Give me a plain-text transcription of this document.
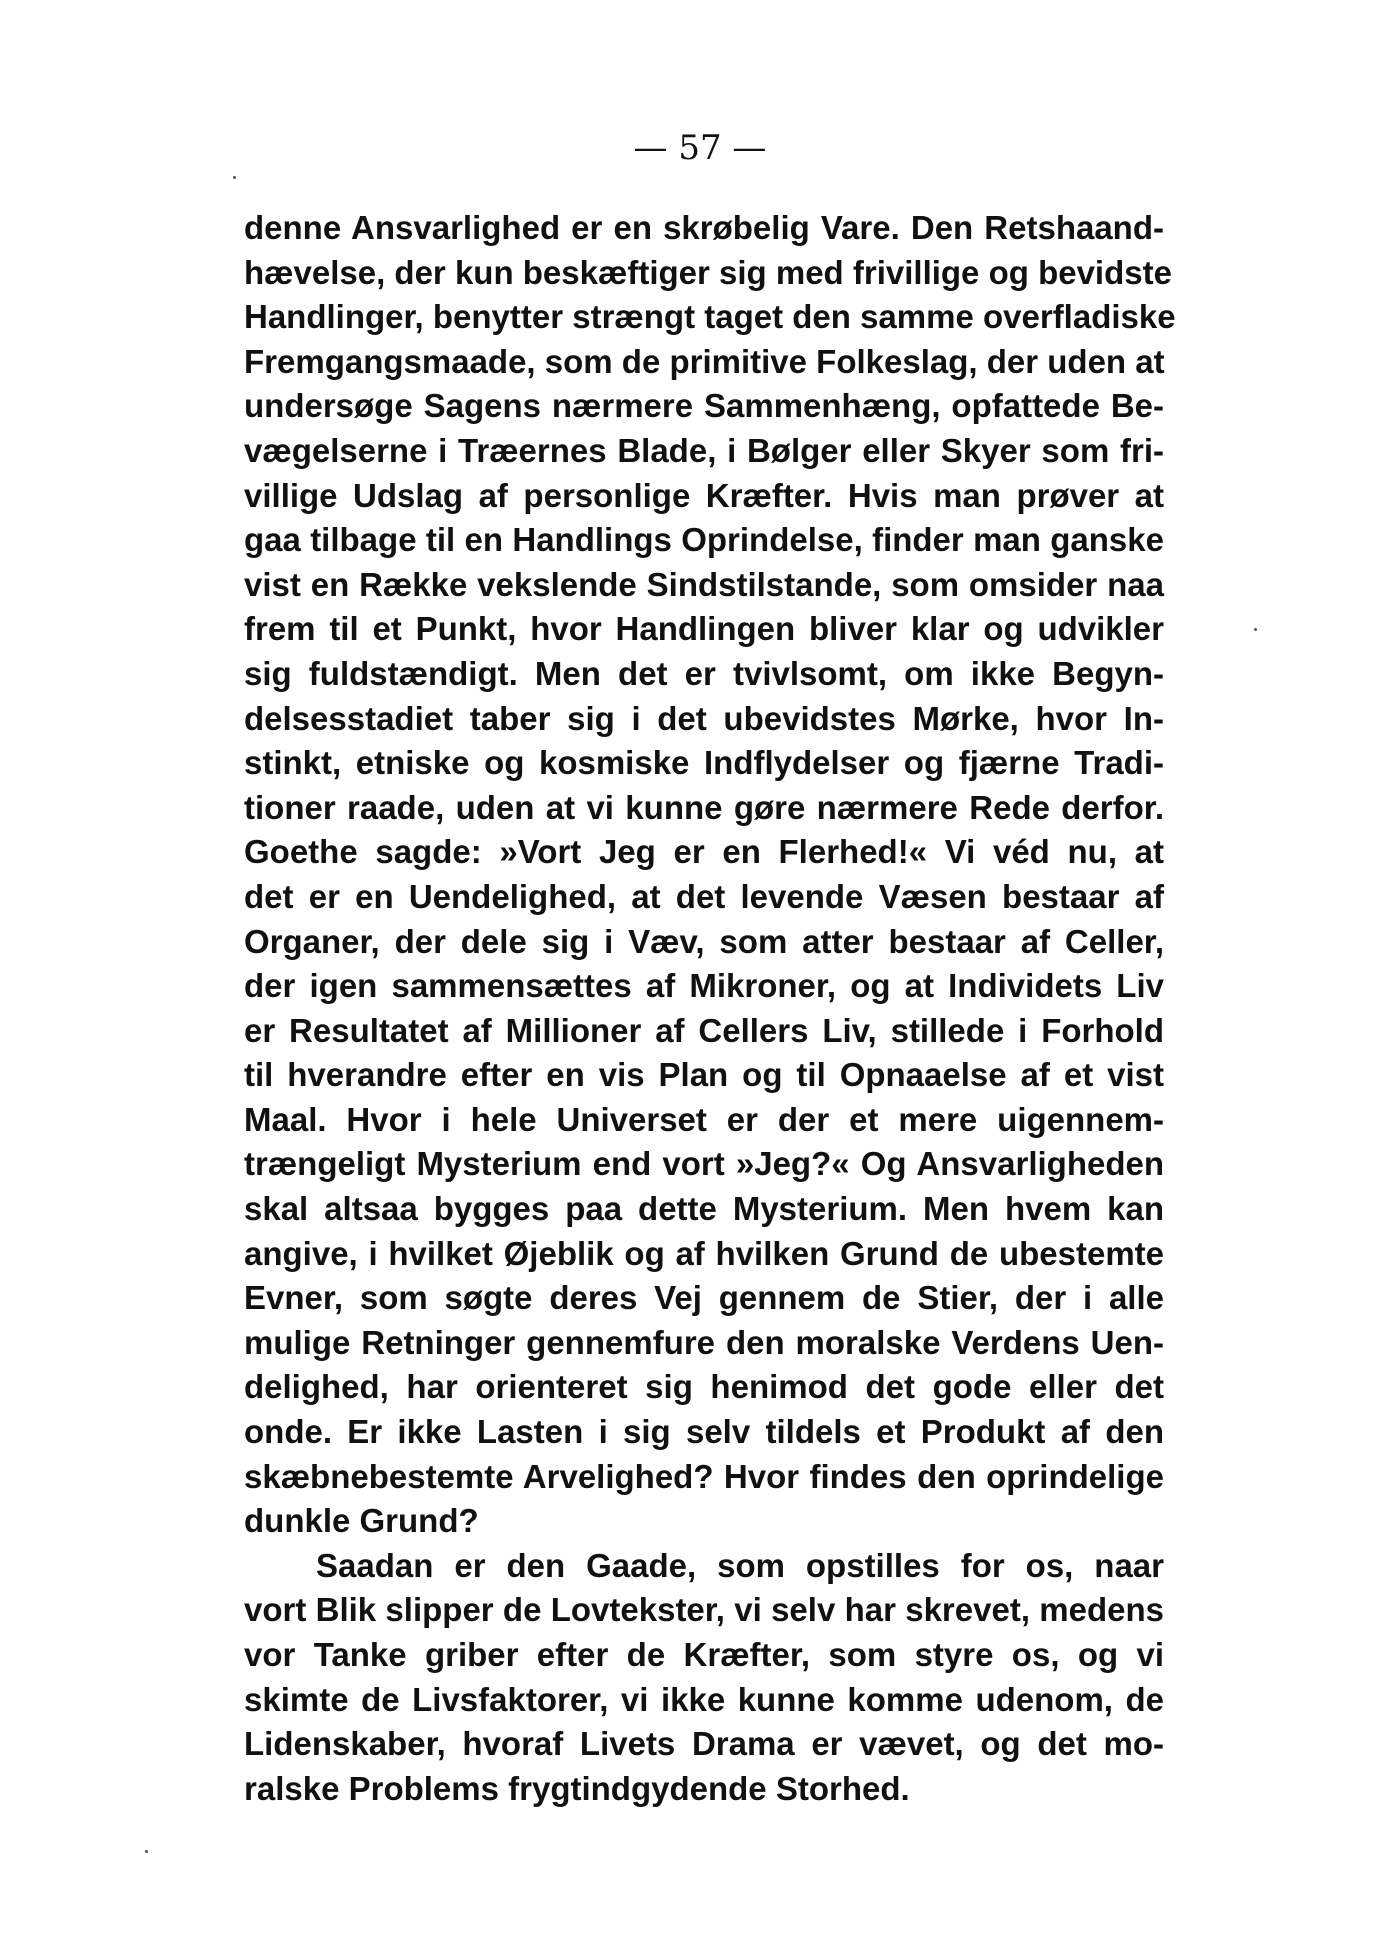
— 57 —

denne Ansvarlighed er en skrøbelig Vare. Den Retshaand-
hævelse, der kun beskæftiger sig med frivillige og bevidste
Handlinger, benytter strængt taget den samme overfladiske
Fremgangsmaade, som de primitive Folkeslag, der uden at
undersøge Sagens nærmere Sammenhæng, opfattede Be-
vægelserne i Træernes Blade, i Bølger eller Skyer som fri-
villige Udslag af personlige Kræfter. Hvis man prøver at
gaa tilbage til en Handlings Oprindelse, finder man ganske
vist en Række vekslende Sindstilstande, som omsider naa
frem til et Punkt, hvor Handlingen bliver klar og udvikler
sig fuldstændigt. Men det er tvivlsomt, om ikke Begyn-
delsesstadiet taber sig i det ubevidstes Mørke, hvor In-
stinkt, etniske og kosmiske Indflydelser og fjærne Tradi-
tioner raade, uden at vi kunne gøre nærmere Rede derfor.
Goethe sagde: »Vort Jeg er en Flerhed!« Vi véd nu, at
det er en Uendelighed, at det levende Væsen bestaar af
Organer, der dele sig i Væv, som atter bestaar af Celler,
der igen sammensættes af Mikroner, og at Individets Liv
er Resultatet af Millioner af Cellers Liv, stillede i Forhold
til hverandre efter en vis Plan og til Opnaaelse af et vist
Maal. Hvor i hele Universet er der et mere uigennem-
trængeligt Mysterium end vort »Jeg?« Og Ansvarligheden
skal altsaa bygges paa dette Mysterium. Men hvem kan
angive, i hvilket Øjeblik og af hvilken Grund de ubestemte
Evner, som søgte deres Vej gennem de Stier, der i alle
mulige Retninger gennemfure den moralske Verdens Uen-
delighed, har orienteret sig henimod det gode eller det
onde. Er ikke Lasten i sig selv tildels et Produkt af den
skæbnebestemte Arvelighed? Hvor findes den oprindelige
dunkle Grund?

Saadan er den Gaade, som opstilles for os, naar
vort Blik slipper de Lovtekster, vi selv har skrevet, medens
vor Tanke griber efter de Kræfter, som styre os, og vi
skimte de Livsfaktorer, vi ikke kunne komme udenom, de
Lidenskaber, hvoraf Livets Drama er vævet, og det mo-
ralske Problems frygtindgydende Storhed.
